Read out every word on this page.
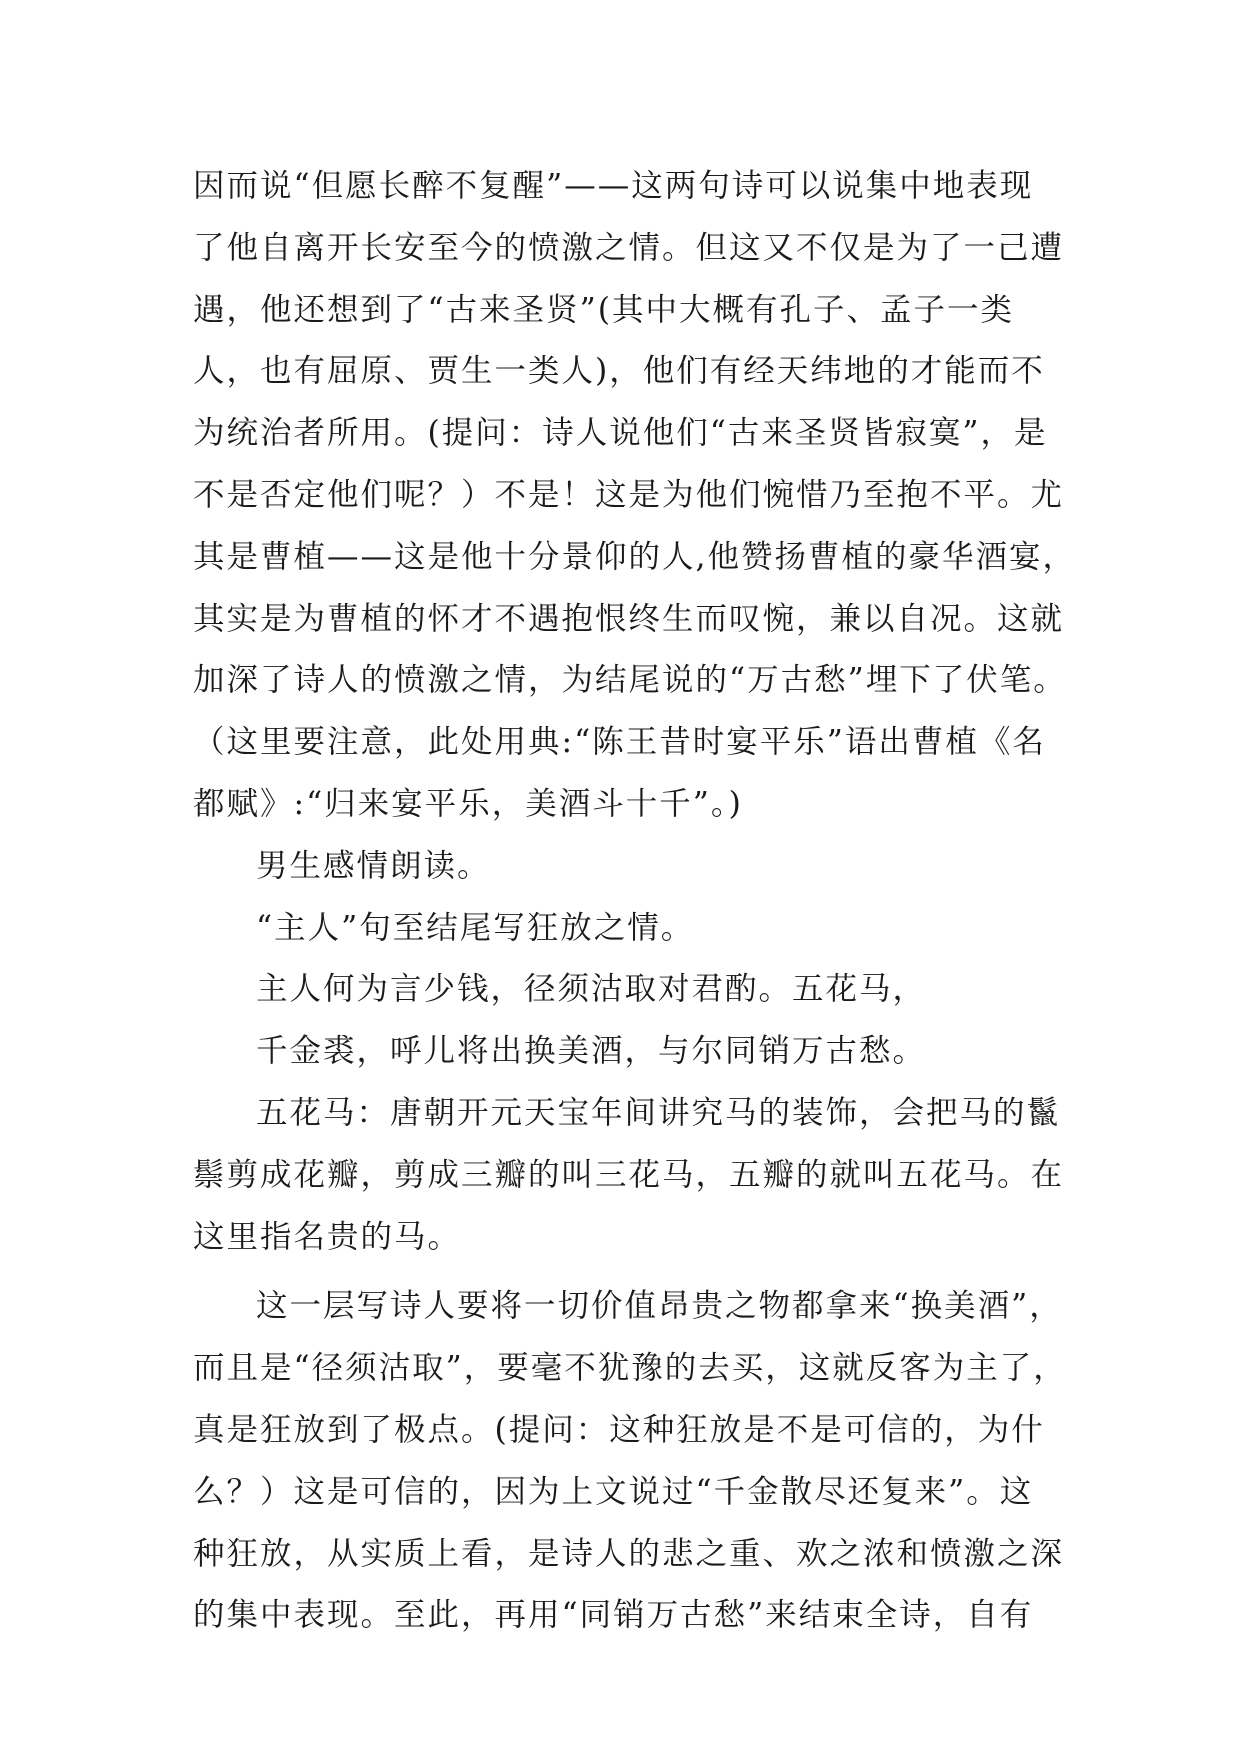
因而说“但愿长醉不复醒”——这两句诗可以说集中地表现
了他自离开长安至今的愤激之情。但这又不仅是为了一己遭
遇，他还想到了“古来圣贤”(其中大概有孔子、孟子一类
人，也有屈原、贾生一类人)，他们有经天纬地的才能而不
为统治者所用。(提问：诗人说他们“古来圣贤皆寂寞”，是
不是否定他们呢？）不是！这是为他们惋惜乃至抱不平。尤
其是曹植——这是他十分景仰的人,他赞扬曹植的豪华酒宴，
其实是为曹植的怀才不遇抱恨终生而叹惋，兼以自况。这就
加深了诗人的愤激之情，为结尾说的“万古愁”埋下了伏笔。
（这里要注意，此处用典:“陈王昔时宴平乐”语出曹植《名
都赋》:“归来宴平乐，美酒斗十千”。)
男生感情朗读。
“主人”句至结尾写狂放之情。
主人何为言少钱，径须沽取对君酌。五花马，
千金裘，呼儿将出换美酒，与尔同销万古愁。
五花马：唐朝开元天宝年间讲究马的装饰，会把马的鬣
鬃剪成花瓣，剪成三瓣的叫三花马，五瓣的就叫五花马。在
这里指名贵的马。
这一层写诗人要将一切价值昂贵之物都拿来“换美酒”，
而且是“径须沽取”，要毫不犹豫的去买，这就反客为主了，
真是狂放到了极点。(提问：这种狂放是不是可信的，为什
么？）这是可信的，因为上文说过“千金散尽还复来”。这
种狂放，从实质上看，是诗人的悲之重、欢之浓和愤激之深
的集中表现。至此，再用“同销万古愁”来结束全诗，自有
